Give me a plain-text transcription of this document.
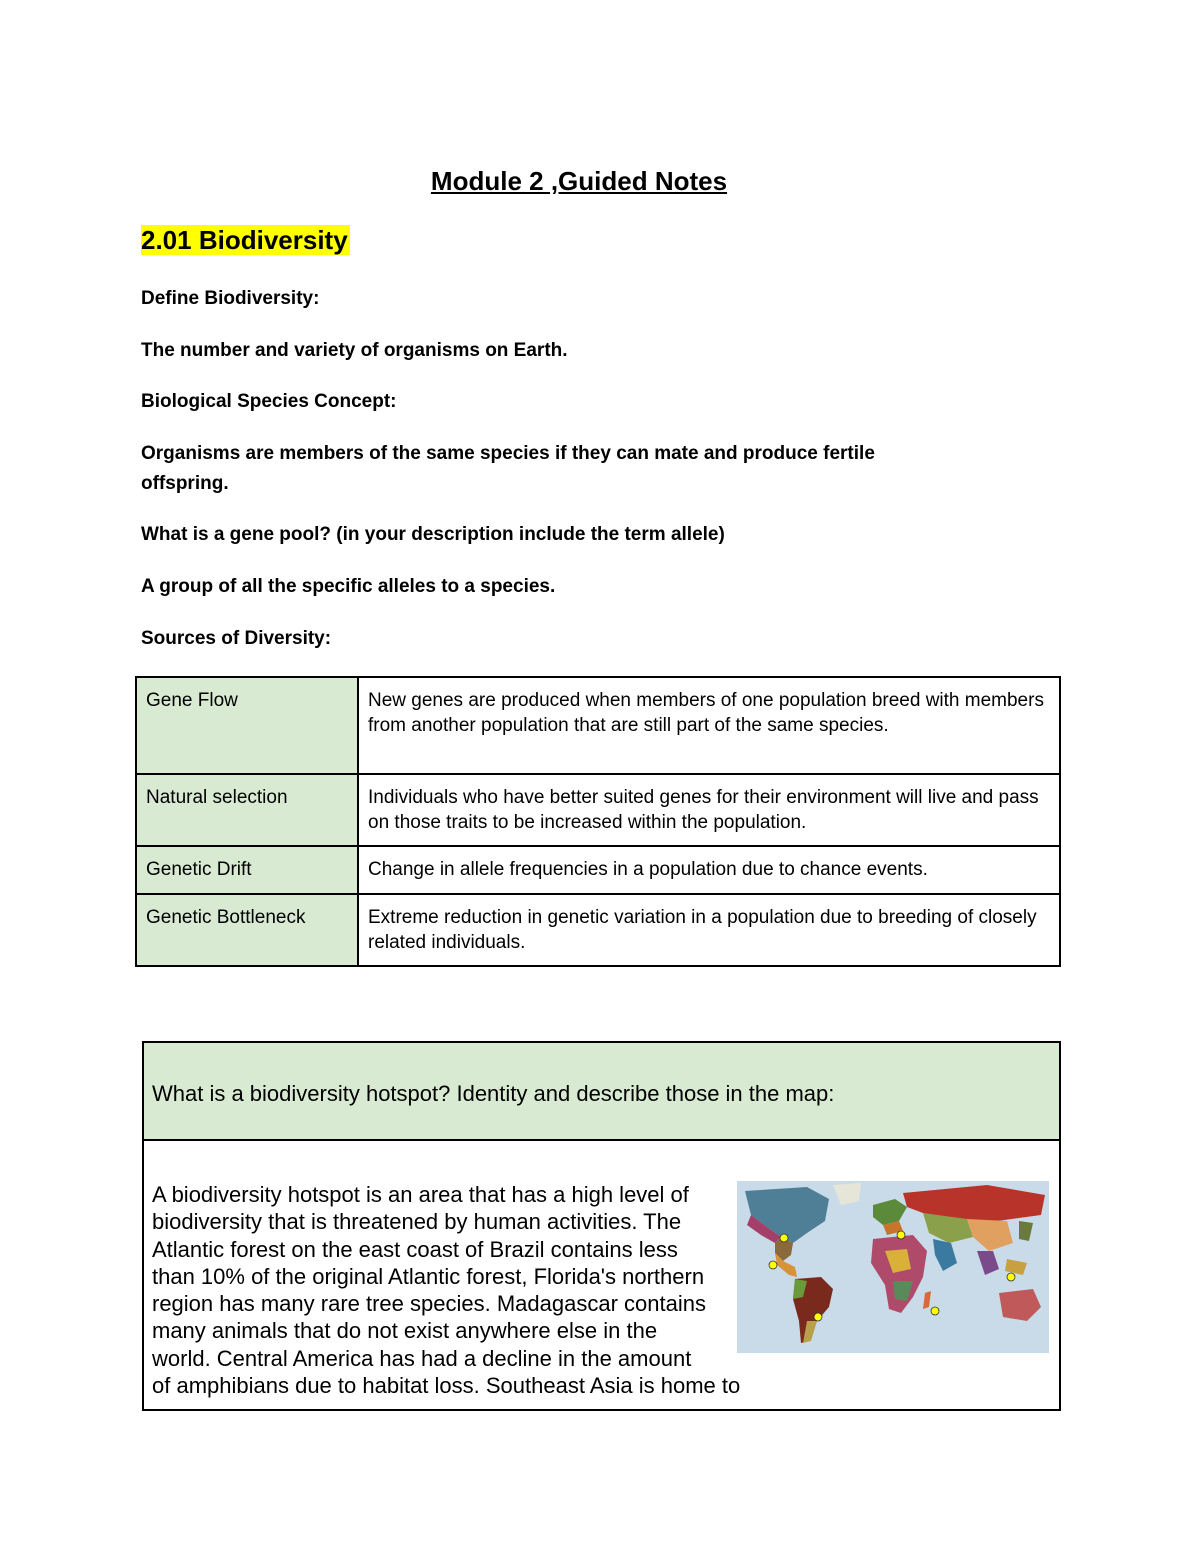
Module 2 ,Guided Notes
2.01 Biodiversity

Define Biodiversity:

The number and variety of organisms on Earth.

Biological Species Concept:

Organisms are members of the same species if they can mate and produce fertile

offspring.

What is a gene pool? (in your description include the term allele)

A group of all the specific alleles to a species.

Sources of Diversity:

Gene Flow	New genes are produced when members of one population breed with members from another population that are still part of the same species.
Natural selection	Individuals who have better suited genes for their environment will live and pass on those traits to be increased within the population.
Genetic Drift	Change in allele frequencies in a population due to chance events.
Genetic Bottleneck	Extreme reduction in genetic variation in a population due to breeding of closely related individuals.
What is a biodiversity hotspot? Identity and describe those in the map:
A biodiversity hotspot is an area that has a high level of biodiversity that is threatened by human activities. The Atlantic forest on the east coast of Brazil contains less than 10% of the original Atlantic forest, Florida's northern region has many rare tree species. Madagascar contains many animals that do not exist anywhere else in the world. Central America has had a decline in the amount of amphibians due to habitat loss. Southeast Asia is home to
